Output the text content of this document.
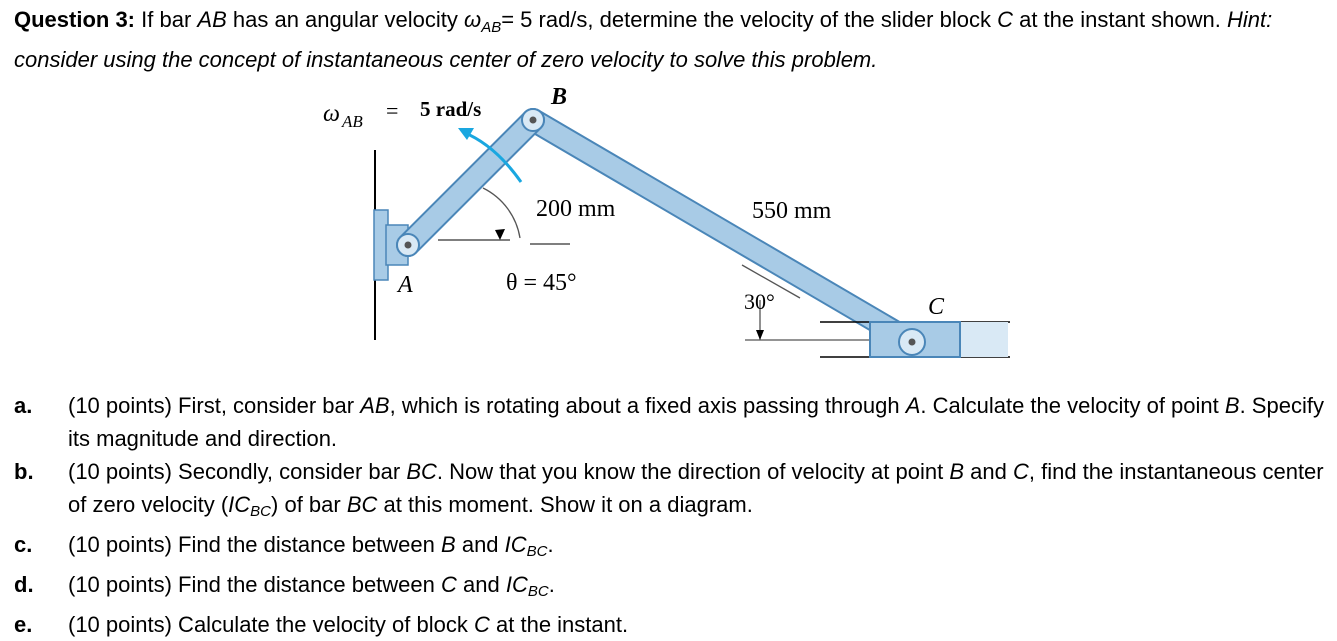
Question 3: If bar AB has an angular velocity $\omega_{AB}= 5$ rad/s, determine the velocity of the slider block C at the instant shown. Hint: consider using the concept of instantaneous center of zero velocity to solve this problem.
B
A
C
ω AB = 5 rad/s
200 mm	550 mm
θ = 45°
30°
a. (10 points) First, consider bar AB, which is rotating about a fixed axis passing through A. Calculate the velocity of point B. Specify its magnitude and direction.
b. (10 points) Secondly, consider bar BC. Now that you know the direction of velocity at point B and C, find the instantaneous center of zero velocity (ICBC) of bar BC at this moment. Show it on a diagram.
c. (10 points) Find the distance between B and ICBC.
d. (10 points) Find the distance between C and ICBC.
e. (10 points) Calculate the velocity of block C at the instant.
